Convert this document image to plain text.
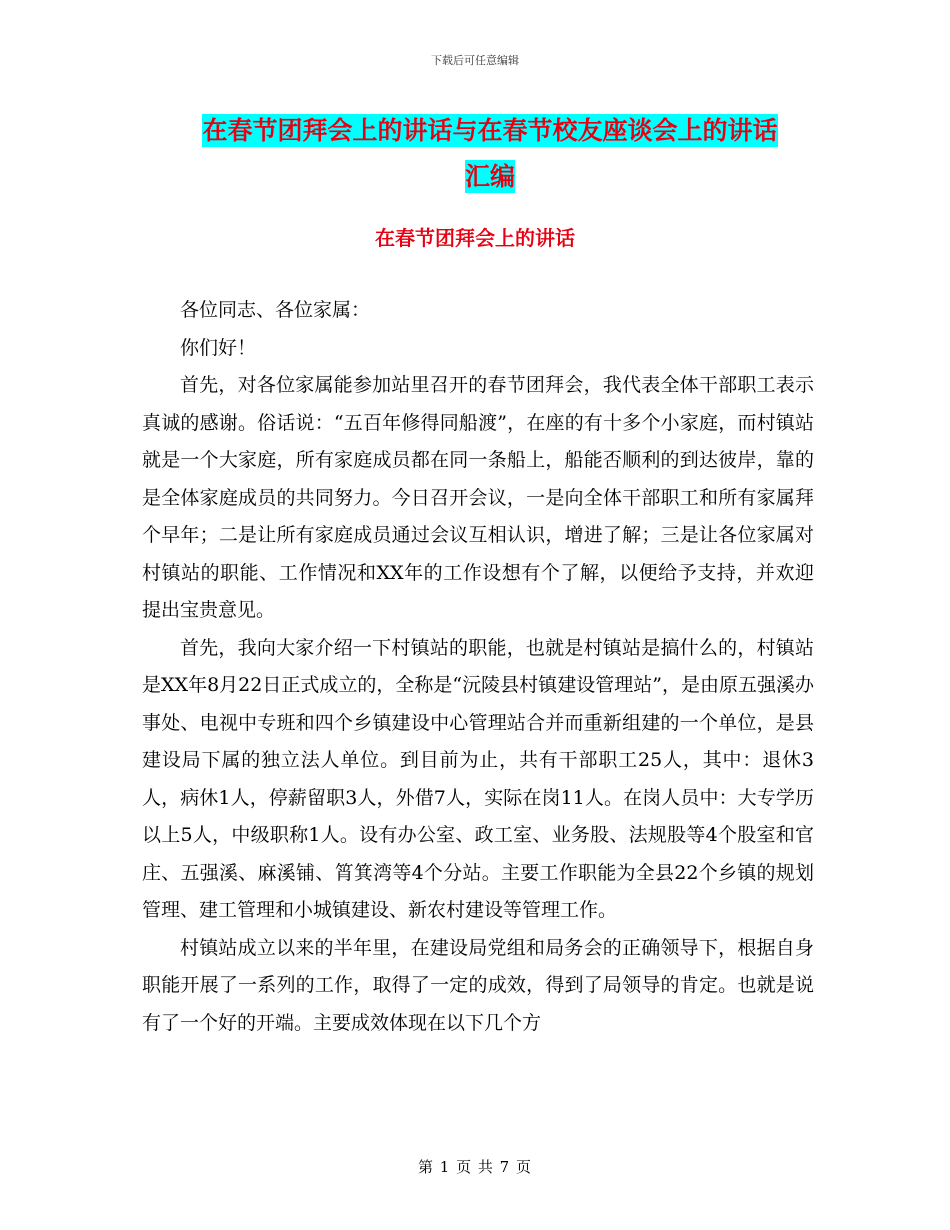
下载后可任意编辑
在春节团拜会上的讲话与在春节校友座谈会上的讲话
汇编
在春节团拜会上的讲话

各位同志、各位家属：

你们好！

首先，对各位家属能参加站里召开的春节团拜会，我代表全体干部职工表示真诚的感谢。俗话说：“五百年修得同船渡”，在座的有十多个小家庭，而村镇站就是一个大家庭，所有家庭成员都在同一条船上，船能否顺利的到达彼岸，靠的是全体家庭成员的共同努力。今日召开会议，一是向全体干部职工和所有家属拜个早年；二是让所有家庭成员通过会议互相认识，增进了解；三是让各位家属对村镇站的职能、工作情况和XX年的工作设想有个了解，以便给予支持，并欢迎提出宝贵意见。

首先，我向大家介绍一下村镇站的职能，也就是村镇站是搞什么的，村镇站是XX年8月22日正式成立的，全称是“沅陵县村镇建设管理站”，是由原五强溪办事处、电视中专班和四个乡镇建设中心管理站合并而重新组建的一个单位，是县建设局下属的独立法人单位。到目前为止，共有干部职工25人，其中：退休3人，病休1人，停薪留职3人，外借7人，实际在岗11人。在岗人员中：大专学历以上5人，中级职称1人。设有办公室、政工室、业务股、法规股等4个股室和官庄、五强溪、麻溪铺、筲箕湾等4个分站。主要工作职能为全县22个乡镇的规划管理、建工管理和小城镇建设、新农村建设等管理工作。

村镇站成立以来的半年里，在建设局党组和局务会的正确领导下，根据自身职能开展了一系列的工作，取得了一定的成效，得到了局领导的肯定。也就是说有了一个好的开端。主要成效体现在以下几个方

第 1 页 共 7 页
